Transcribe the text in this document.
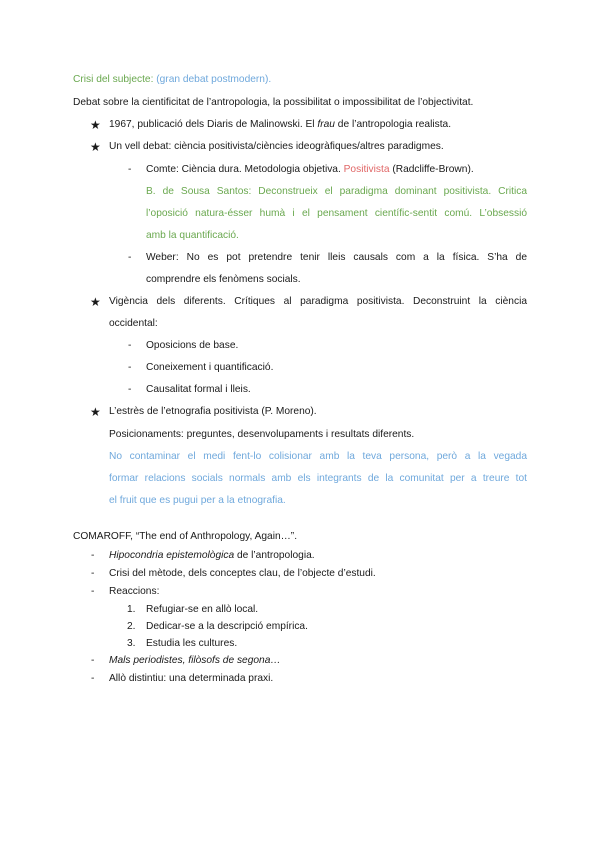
Crisi del subjecte: (gran debat postmodern).
Debat sobre la cientificitat de l’antropologia, la possibilitat o impossibilitat de l’objectivitat.
★ 1967, publicació dels Diaris de Malinowski. El frau de l’antropologia realista.
★ Un vell debat: ciència positivista/ciències ideogràfiques/altres paradigmes.
- Comte: Ciència dura. Metodologia objetiva. Positivista (Radcliffe-Brown).
B. de Sousa Santos: Deconstrueix el paradigma dominant positivista. Critica
l’oposició natura-ésser humà i el pensament científic-sentit comú. L’obsessió
amb la quantificació.
- Weber: No es pot pretendre tenir lleis causals com a la física. S’ha de
comprendre els fenòmens socials.
★ Vigència dels diferents. Crítiques al paradigma positivista. Deconstruint la ciència
occidental:
- Oposicions de base.
- Coneixement i quantificació.
- Causalitat formal i lleis.
★ L’estrès de l’etnografia positivista (P. Moreno).
Posicionaments: preguntes, desenvolupaments i resultats diferents.
No contaminar el medi fent-lo colisionar amb la teva persona, però a la vegada
formar relacions socials normals amb els integrants de la comunitat per a treure tot
el fruit que es pugui per a la etnografia.
COMAROFF, “The end of Anthropology, Again…”.
- Hipocondria epistemològica de l’antropologia.
- Crisi del mètode, dels conceptes clau, de l’objecte d’estudi.
- Reaccions:
1. Refugiar-se en allò local.
2. Dedicar-se a la descripció empírica.
3. Estudia les cultures.
- Mals periodistes, filòsofs de segona…
- Allò distintiu: una determinada praxi.
